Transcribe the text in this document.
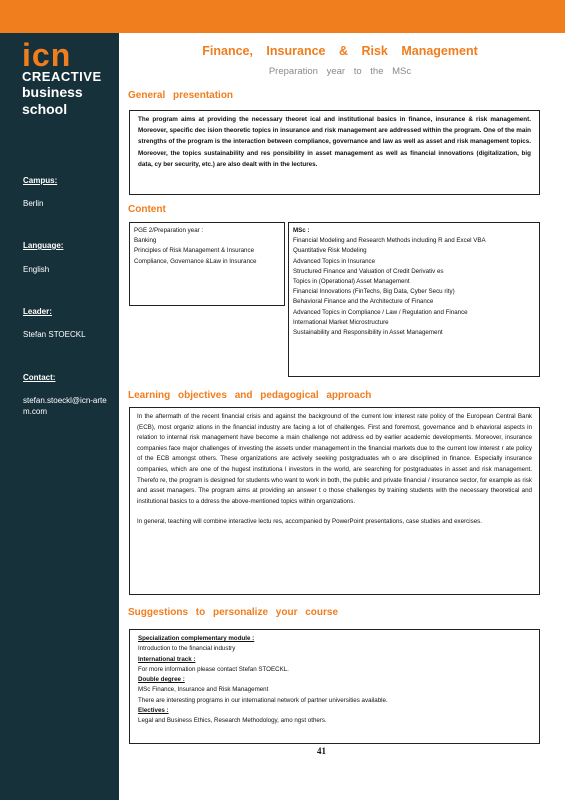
icn
CREACTIVE
business
school
Campus:
Berlin
Language:
English
Leader:
Stefan STOECKL
Contact:
stefan.stoeckl@icn-artem.com
Finance, Insurance & Risk Management
Preparation year to the MSc
General presentation
The program aims at providing the necessary theoret ical and institutional basics in finance, insurance & risk management. Moreover, specific dec ision theoretic topics in insurance and risk management are addressed within the program. One of the main strengths of the program is the interaction between compliance, governance and law as well as asset and risk management topics. Moreover, the topics sustainability and res ponsibility in asset management as well as financial innovations (digitalization, big data, cy ber security, etc.) are also dealt with in the lectures.
Content
PGE 2/Preparation year :
Banking
Principles of Risk Management & Insurance
Compliance, Governance &Law in Insurance
MSc :
Financial Modeling and Research Methods including R and Excel VBA
Quantitative Risk Modeling
Advanced Topics in Insurance
Structured Finance and Valuation of Credit Derivativ es
Topics in (Operational) Asset Management
Financial Innovations (FinTechs, Big Data, Cyber Secu rity)
Behavioral Finance and the Architecture of Finance
Advanced Topics in Compliance / Law / Regulation and Finance
International Market Microstructure
Sustainability and Responsibility in Asset Management
Learning objectives and pedagogical approach
In the aftermath of the recent financial crisis and against the background of the current low interest rate policy of the European Central Bank (ECB), most organiz ations in the financial industry are facing a lot of challenges. First and foremost, governance and b ehavioral aspects in relation to internal risk management have become a main challenge not address ed by earlier academic developments. Moreover, insurance companies face major challenges of investing the assets under management in the financial markets due to the current low interest r ate policy of the ECB amongst others. These organizations are actively seeking postgraduates wh o are disciplined in finance. Especially insurance companies, which are one of the hugest institutiona l investors in the world, are searching for postgraduates in asset and risk management. Therefo re, the program is designed for students who want to work in both, the public and private financial / insurance sector, for example as risk and asset managers. The program aims at providing an answer t o those challenges by training students with the necessary theoretical and institutional basics to a ddress the above-mentioned topics within organizations.
In general, teaching will combine interactive lectu res, accompanied by PowerPoint presentations, case studies and exercises.
Suggestions to personalize your course
Specialization complementary module :
Introduction to the financial industry
International track :
For more information please contact Stefan STOECKL.
Double degree :
MSc Finance, Insurance and Risk Management
There are interesting programs in our international network of partner universities available.
Electives :
Legal and Business Ethics, Research Methodology, amo ngst others.
41
